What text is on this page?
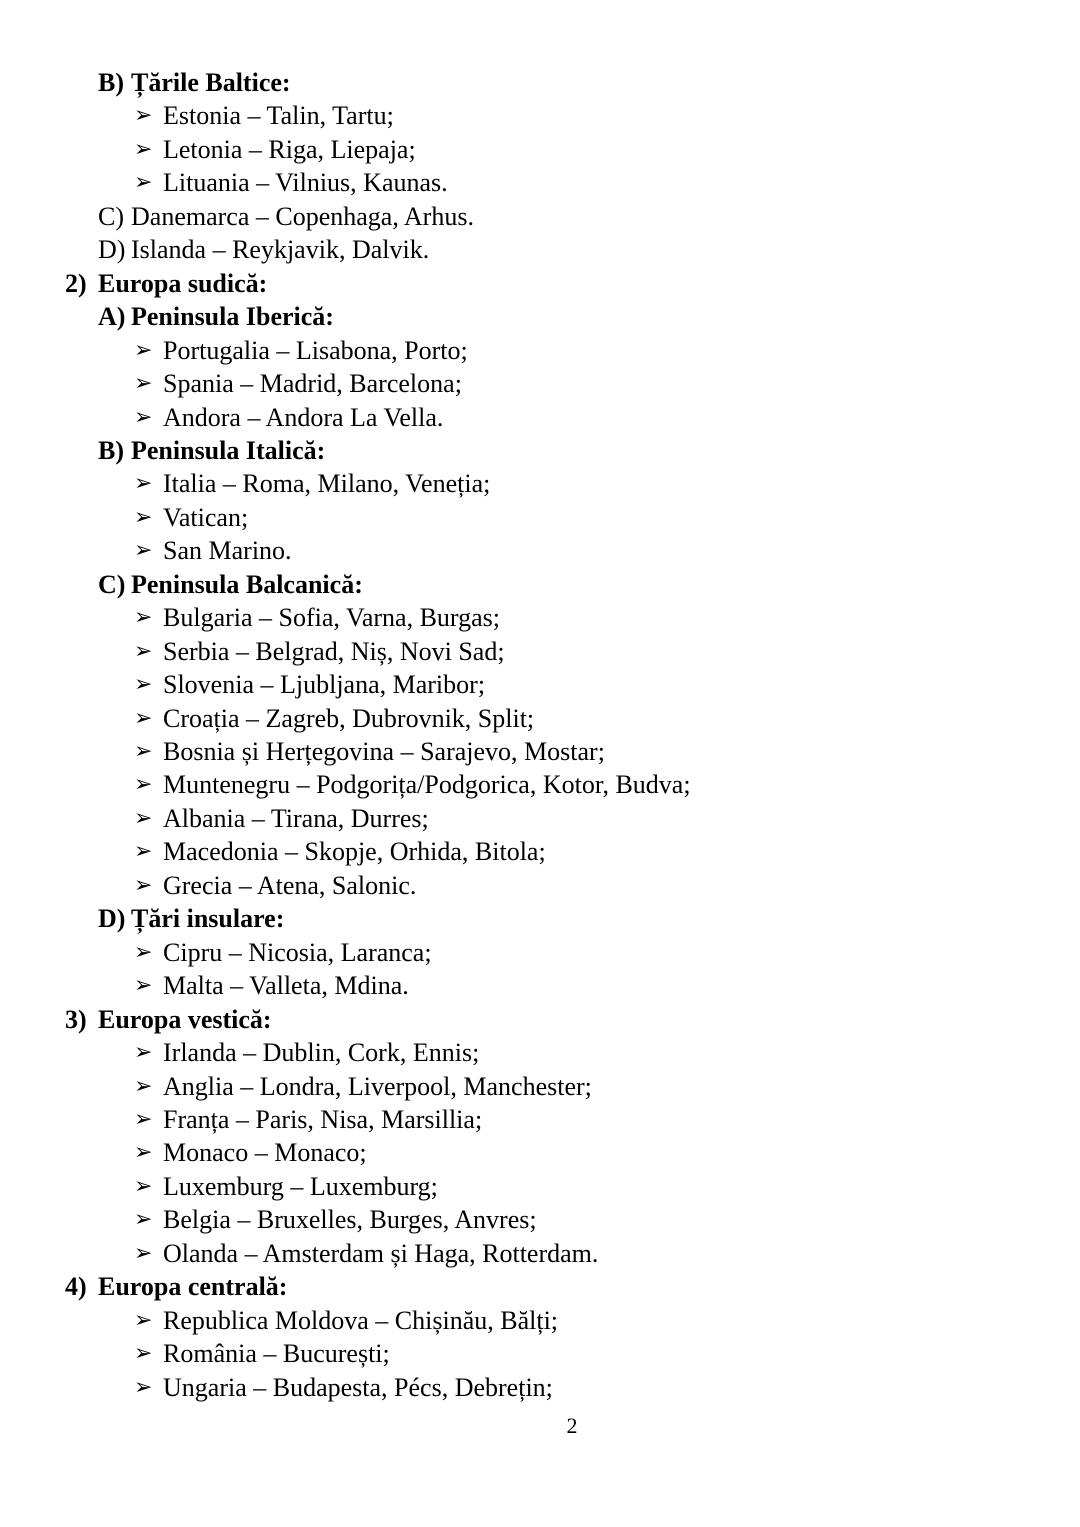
B) Țările Baltice:
➢ Estonia – Talin, Tartu;
➢ Letonia – Riga, Liepaja;
➢ Lituania – Vilnius, Kaunas.
C) Danemarca – Copenhaga, Arhus.
D) Islanda – Reykjavik, Dalvik.
2) Europa sudică:
A) Peninsula Iberică:
➢ Portugalia – Lisabona, Porto;
➢ Spania – Madrid, Barcelona;
➢ Andora – Andora La Vella.
B) Peninsula Italică:
➢ Italia – Roma, Milano, Veneția;
➢ Vatican;
➢ San Marino.
C) Peninsula Balcanică:
➢ Bulgaria – Sofia, Varna, Burgas;
➢ Serbia – Belgrad, Niș, Novi Sad;
➢ Slovenia – Ljubljana, Maribor;
➢ Croația – Zagreb, Dubrovnik, Split;
➢ Bosnia și Herțegovina – Sarajevo, Mostar;
➢ Muntenegru – Podgorița/Podgorica, Kotor, Budva;
➢ Albania – Tirana, Durres;
➢ Macedonia – Skopje, Orhida, Bitola;
➢ Grecia – Atena, Salonic.
D) Țări insulare:
➢ Cipru – Nicosia, Laranca;
➢ Malta – Valleta, Mdina.
3) Europa vestică:
➢ Irlanda – Dublin, Cork, Ennis;
➢ Anglia – Londra, Liverpool, Manchester;
➢ Franța – Paris, Nisa, Marsillia;
➢ Monaco – Monaco;
➢ Luxemburg – Luxemburg;
➢ Belgia – Bruxelles, Burges, Anvres;
➢ Olanda – Amsterdam și Haga, Rotterdam.
4) Europa centrală:
➢ Republica Moldova – Chișinău, Bălți;
➢ România – București;
➢ Ungaria – Budapesta, Pécs, Debrețin;
2
